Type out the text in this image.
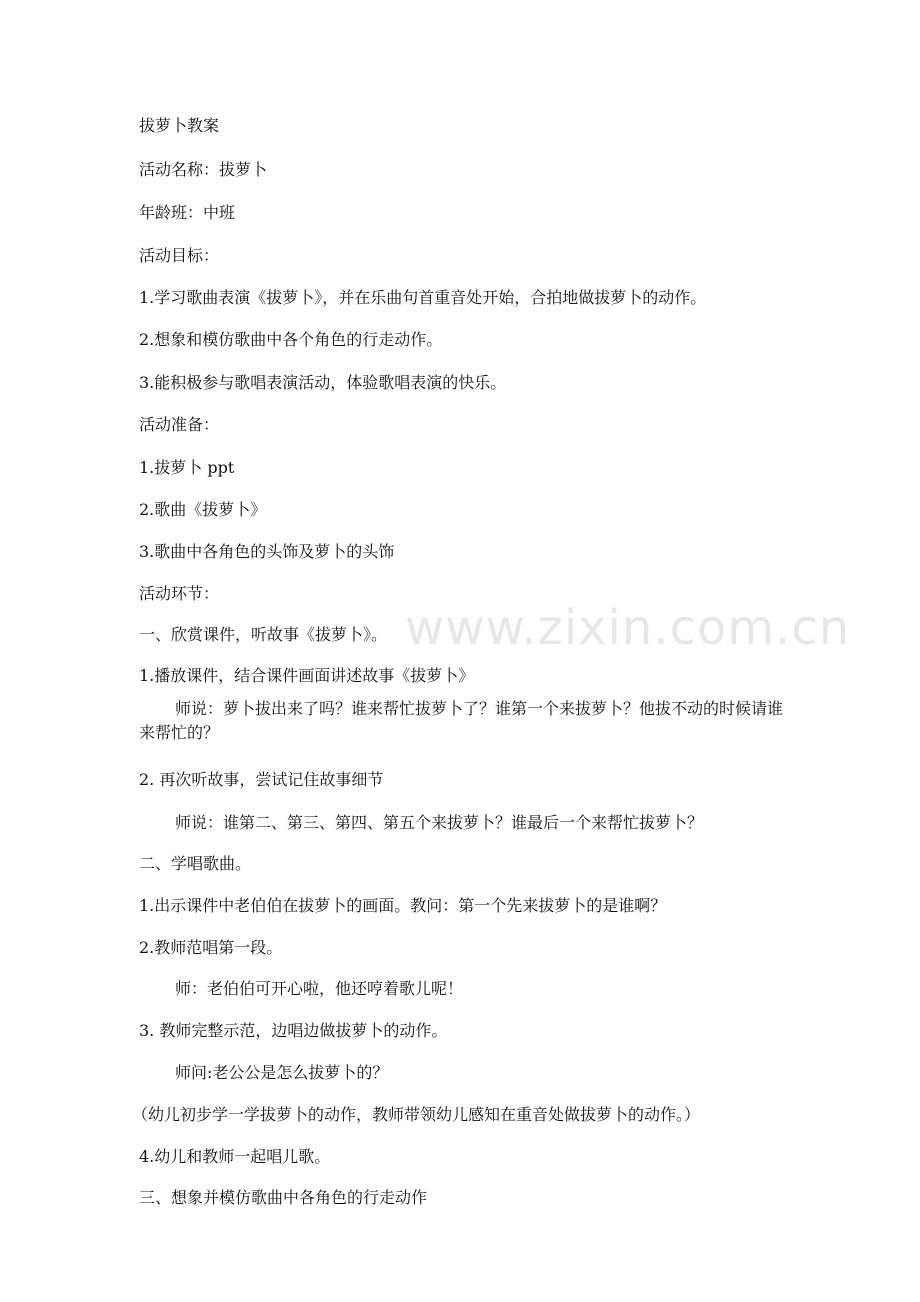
拔萝卜教案
活动名称：拔萝卜
年龄班：中班
活动目标：
1.学习歌曲表演《拔萝卜》，并在乐曲句首重音处开始，合拍地做拔萝卜的动作。
2.想象和模仿歌曲中各个角色的行走动作。
3.能积极参与歌唱表演活动，体验歌唱表演的快乐。
活动准备：
1.拔萝卜 ppt
2.歌曲《拔萝卜》
3.歌曲中各角色的头饰及萝卜的头饰
活动环节：
一、欣赏课件，听故事《拔萝卜》。
1.播放课件，结合课件画面讲述故事《拔萝卜》
师说：萝卜拔出来了吗？谁来帮忙拔萝卜了？谁第一个来拔萝卜？他拔不动的时候请谁来帮忙的？
2. 再次听故事，尝试记住故事细节
师说：谁第二、第三、第四、第五个来拔萝卜？谁最后一个来帮忙拔萝卜？
二、学唱歌曲。
1.出示课件中老伯伯在拔萝卜的画面。教问：第一个先来拔萝卜的是谁啊？
2.教师范唱第一段。
师：老伯伯可开心啦，他还哼着歌儿呢！
3. 教师完整示范，边唱边做拔萝卜的动作。
师问:老公公是怎么拔萝卜的？
（幼儿初步学一学拔萝卜的动作，教师带领幼儿感知在重音处做拔萝卜的动作。）
4.幼儿和教师一起唱儿歌。
三、想象并模仿歌曲中各角色的行走动作
www.zixin.com.cn
